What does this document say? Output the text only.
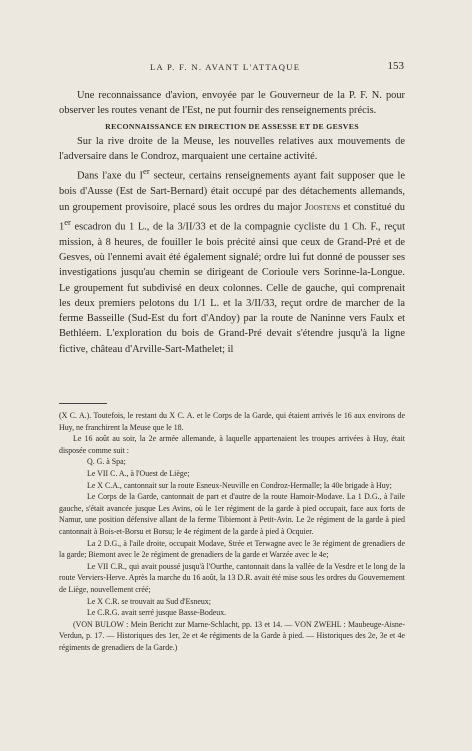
LA P. F. N. AVANT L'ATTAQUE	153

Une reconnaissance d'avion, envoyée par le Gouverneur de la P. F. N. pour observer les routes venant de l'Est, ne put fournir des renseignements précis.

RECONNAISSANCE EN DIRECTION DE ASSESSE ET DE GESVES

Sur la rive droite de la Meuse, les nouvelles relatives aux mouvements de l'adversaire dans le Condroz, marquaient une certaine activité.

Dans l'axe du Ier secteur, certains renseignements ayant fait supposer que le bois d'Ausse (Est de Sart-Bernard) était occupé par des détachements allemands, un groupement provisoire, placé sous les ordres du major Joostens et constitué du 1er escadron du 1 L., de la 3/II/33 et de la compagnie cycliste du 1 Ch. F., reçut mission, à 8 heures, de fouiller le bois précité ainsi que ceux de Grand-Pré et de Gesves, où l'ennemi avait été également signalé; ordre lui fut donné de pousser ses investigations jusqu'au chemin se dirigeant de Corioule vers Sorinne-la-Longue. Le groupement fut subdivisé en deux colonnes. Celle de gauche, qui comprenait les deux premiers pelotons du 1/1 L. et la 3/II/33, reçut ordre de marcher de la ferme Basseille (Sud-Est du fort d'Andoy) par la route de Naninne vers Faulx et Bethléem. L'exploration du bois de Grand-Pré devait s'étendre jusqu'à la ligne fictive, château d'Arville-Sart-Mathelet; il

(X C. A.). Toutefois, le restant du X C. A. et le Corps de la Garde, qui étaient arrivés le 16 aux environs de Huy, ne franchirent la Meuse que le 18.

Le 16 août au soir, la 2e armée allemande, à laquelle appartenaient les troupes arrivées à Huy, était disposée comme suit :

Q. G. à Spa;

Le VII C. A., à l'Ouest de Liège;

Le X C.A., cantonnait sur la route Esneux-Neuville en Condroz-Hermalle; la 40e brigade à Huy;

Le Corps de la Garde, cantonnait de part et d'autre de la route Hamoir-Modave. La 1 D.G., à l'aile gauche, s'était avancée jusque Les Avins, où le 1er régiment de la garde à pied occupait, face aux forts de Namur, une position défensive allant de la ferme Tibiemont à Petit-Avin. Le 2e régiment de la garde à pied cantonnait à Bois-et-Borsu et Borsu; le 4e régiment de la garde à pied à Ocquier.

La 2 D.G., à l'aile droite, occupait Modave, Strée et Terwagne avec le 3e régiment de grenadiers de la garde; Biemont avec le 2e régiment de grenadiers de la garde et Warzée avec le 4e;

Le VII C.R., qui avait poussé jusqu'à l'Ourthe, cantonnait dans la vallée de la Vesdre et le long de la route Verviers-Herve. Après la marche du 16 août, la 13 D.R. avait été mise sous les ordres du Gouvernement de Liège, nouvellement créé;

Le X C.R. se trouvait au Sud d'Esneux;

Le C.R.G. avait serré jusque Basse-Bodeux.

(VON BULOW : Mein Bericht zur Marne-Schlacht, pp. 13 et 14. — VON ZWEHL : Maubeuge-Aisne-Verdun, p. 17. — Historiques des 1er, 2e et 4e régiments de la Garde à pied. — Historiques des 2e, 3e et 4e régiments de grenadiers de la Garde.)
